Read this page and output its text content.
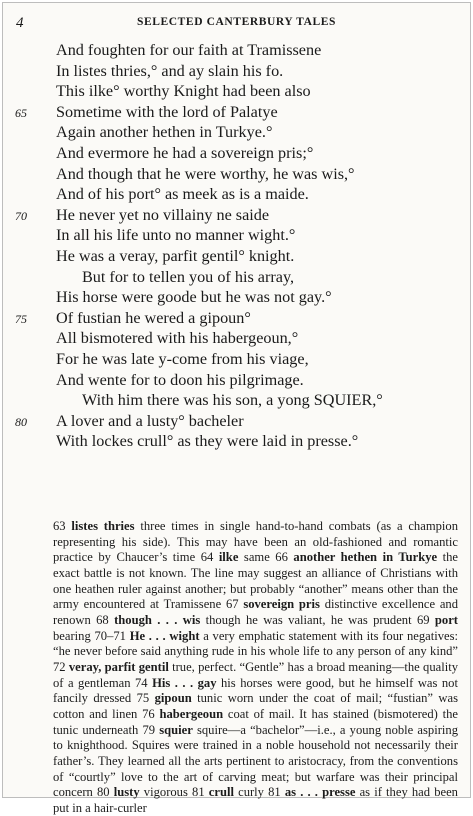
4	SELECTED CANTERBURY TALES
And foughten for our faith at Tramissene
In listes thries,° and ay slain his fo.
This ilke° worthy Knight had been also
65 Sometime with the lord of Palatye
Again another hethen in Turkye.°
And evermore he had a sovereign pris;°
And though that he were worthy, he was wis,°
And of his port° as meek as is a maide.
70 He never yet no villainy ne saide
In all his life unto no manner wight.°
He was a veray, parfit gentil° knight.
But for to tellen you of his array,
His horse were goode but he was not gay.°
75 Of fustian he wered a gipoun°
All bismotered with his habergeoun,°
For he was late y-come from his viage,
And wente for to doon his pilgrimage.
With him there was his son, a yong SQUIER,°
80 A lover and a lusty° bacheler
With lockes crull° as they were laid in presse.°
63 listes thries three times in single hand-to-hand combats (as a champion representing his side). This may have been an old-fashioned and romantic practice by Chaucer’s time 64 ilke same 66 another hethen in Turkye the exact battle is not known. The line may suggest an alliance of Christians with one heathen ruler against another; but probably “another” means other than the army encountered at Tramissene 67 sovereign pris distinctive excellence and renown 68 though . . . wis though he was valiant, he was prudent 69 port bearing 70–71 He . . . wight a very emphatic statement with its four negatives: “he never before said anything rude in his whole life to any person of any kind” 72 veray, parfit gentil true, perfect. “Gentle” has a broad meaning—the quality of a gentleman 74 His . . . gay his horses were good, but he himself was not fancily dressed 75 gipoun tunic worn under the coat of mail; “fustian” was cotton and linen 76 habergeoun coat of mail. It has stained (bismotered) the tunic underneath 79 squier squire—a “bachelor”—i.e., a young noble aspiring to knighthood. Squires were trained in a noble household not necessarily their father’s. They learned all the arts pertinent to aristocracy, from the conventions of “courtly” love to the art of carving meat; but warfare was their principal concern 80 lusty vigorous 81 crull curly 81 as . . . presse as if they had been put in a hair-curler
